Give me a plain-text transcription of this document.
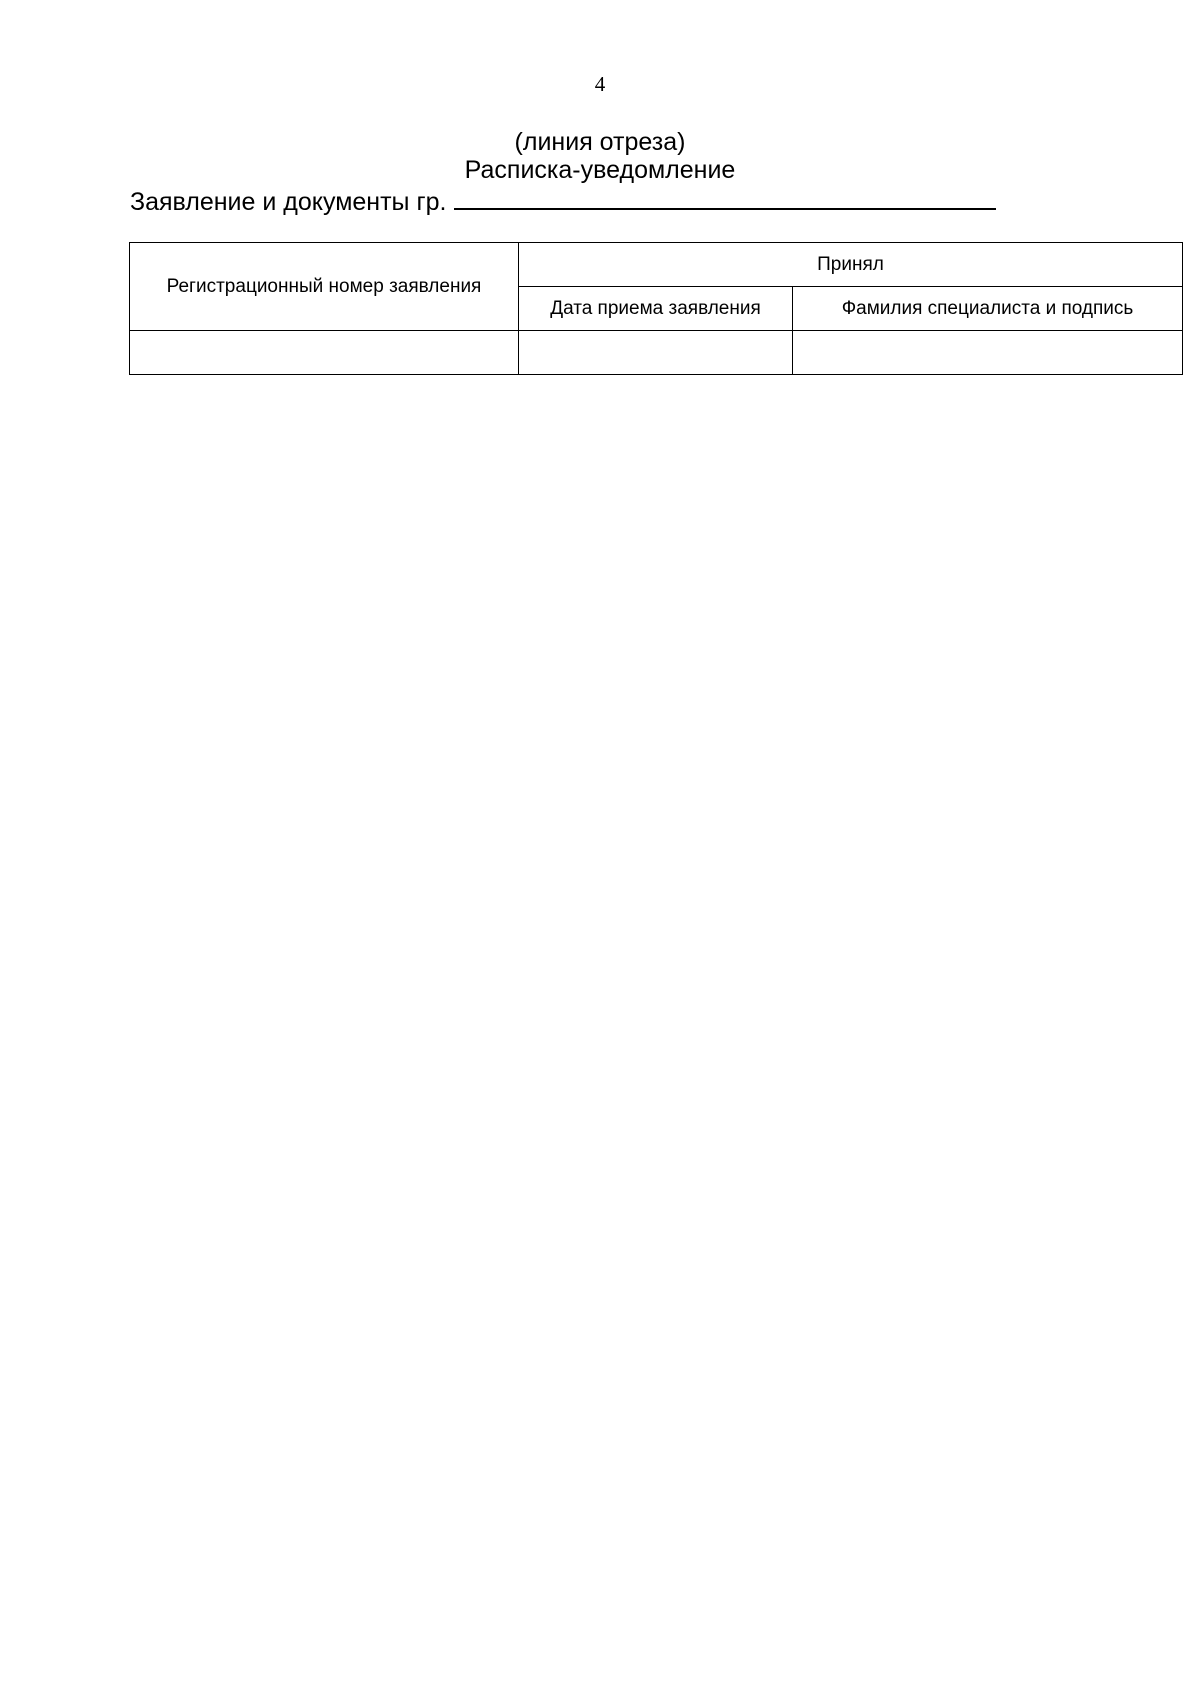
4
(линия отреза)
Расписка-уведомление
Заявление и документы гр.
Регистрационный номер заявления	Принял	
	Дата приема заявления	Фамилия специалиста и подпись
